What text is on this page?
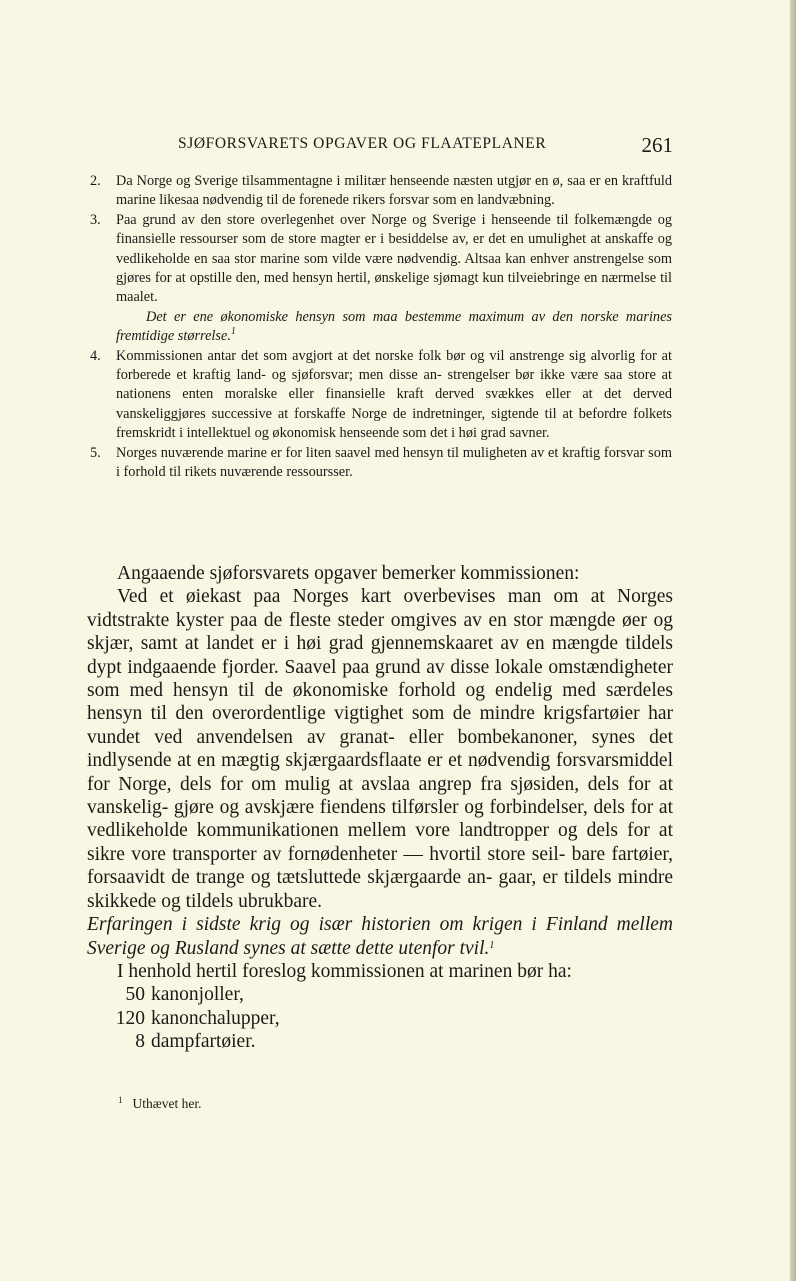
SJØFORSVARETS OPGAVER OG FLAATEPLANER	261
2. Da Norge og Sverige tilsammentagne i militær henseende næsten utgjør en ø, saa er en kraftfuld marine likesaa nødvendig til de forenede rikers forsvar som en landvæbning.

3. Paa grund av den store overlegenhet over Norge og Sverige i henseende til folkemængde og finansielle ressourser som de store magter er i besiddelse av, er det en umulighet at anskaffe og vedlikeholde en saa stor marine som vilde være nødvendig. Altsaa kan enhver anstrengelse som gjøres for at opstille den, med hensyn hertil, ønskelige sjømagt kun tilveiebringe en nærmelse til maalet.

Det er ene økonomiske hensyn som maa bestemme maximum av den norske marines fremtidige størrelse.$^1$

4. Kommissionen antar det som avgjort at det norske folk bør og vil anstrenge sig alvorlig for at forberede et kraftig land- og sjøforsvar; men disse an- strengelser bør ikke være saa store at nationens enten moralske eller finansielle kraft derved svækkes eller at det derved vanskeliggjøres successive at forskaffe Norge de indretninger, sigtende til at befordre folkets fremskridt i intellektuel og økonomisk henseende som det i høi grad savner.

5. Norges nuværende marine er for liten saavel med hensyn til muligheten av et kraftig forsvar som i forhold til rikets nuværende ressoursser.

Angaaende sjøforsvarets opgaver bemerker kommissionen:

Ved et øiekast paa Norges kart overbevises man om at Norges vidtstrakte kyster paa de fleste steder omgives av en stor mængde øer og skjær, samt at landet er i høi grad gjennemskaaret av en mængde tildels dypt indgaaende fjorder. Saavel paa grund av disse lokale omstændigheter som med hensyn til de økonomiske forhold og endelig med særdeles hensyn til den overordentlige vigtighet som de mindre krigsfartøier har vundet ved anvendelsen av granat- eller bombekanoner, synes det indlysende at en mægtig skjærgaardsflaate er et nødvendig forsvarsmiddel for Norge, dels for om mulig at avslaa angrep fra sjøsiden, dels for at vanskelig- gjøre og avskjære fiendens tilførsler og forbindelser, dels for at vedlikeholde kommunikationen mellem vore landtropper og dels for at sikre vore transporter av fornødenheter — hvortil store seil- bare fartøier, forsaavidt de trange og tætsluttede skjærgaarde an- gaar, er tildels mindre skikkede og tildels ubrukbare.

Erfaringen i sidste krig og især historien om krigen i Finland mellem Sverige og Rusland synes at sætte dette utenfor tvil.$^1$

I henhold hertil foreslog kommissionen at marinen bør ha:

50 kanonjoller,

120 kanonchalupper,

8 dampfartøier.

$^1$ Uthævet her.
